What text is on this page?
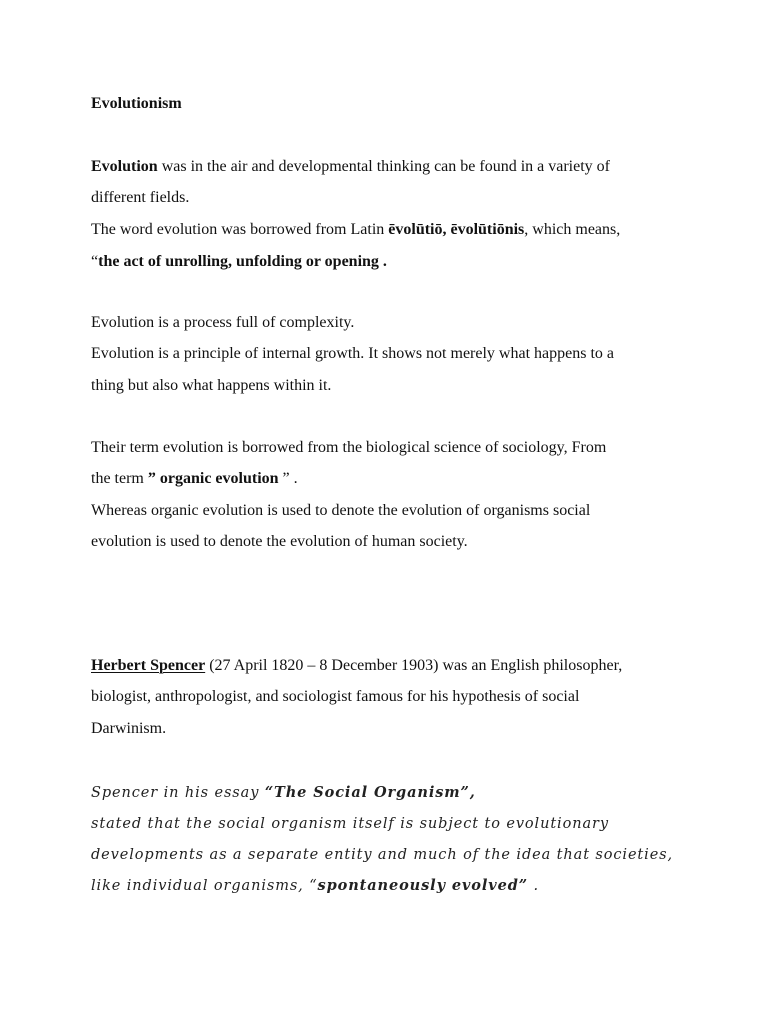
Evolutionism
Evolution was in the air and developmental thinking can be found in a variety of
different fields.
The word evolution was borrowed from Latin ēvolūtiō, ēvolūtiōnis, which means,
“the act of unrolling, unfolding or opening .
Evolution is a process full of complexity.
Evolution is a principle of internal growth. It shows not merely what happens to a
thing but also what happens within it.
Their term evolution is borrowed from the biological science of sociology, From
the term ” organic evolution ” .
Whereas organic evolution is used to denote the evolution of organisms social
evolution is used to denote the evolution of human society.
Herbert Spencer (27 April 1820 – 8 December 1903) was an English philosopher,
biologist, anthropologist, and sociologist famous for his hypothesis of social
Darwinism.
Spencer in his essay “The Social Organism”,
stated that the social organism itself is subject to evolutionary
developments as a separate entity and much of the idea that societies,
like individual organisms, “spontaneously evolved” .
